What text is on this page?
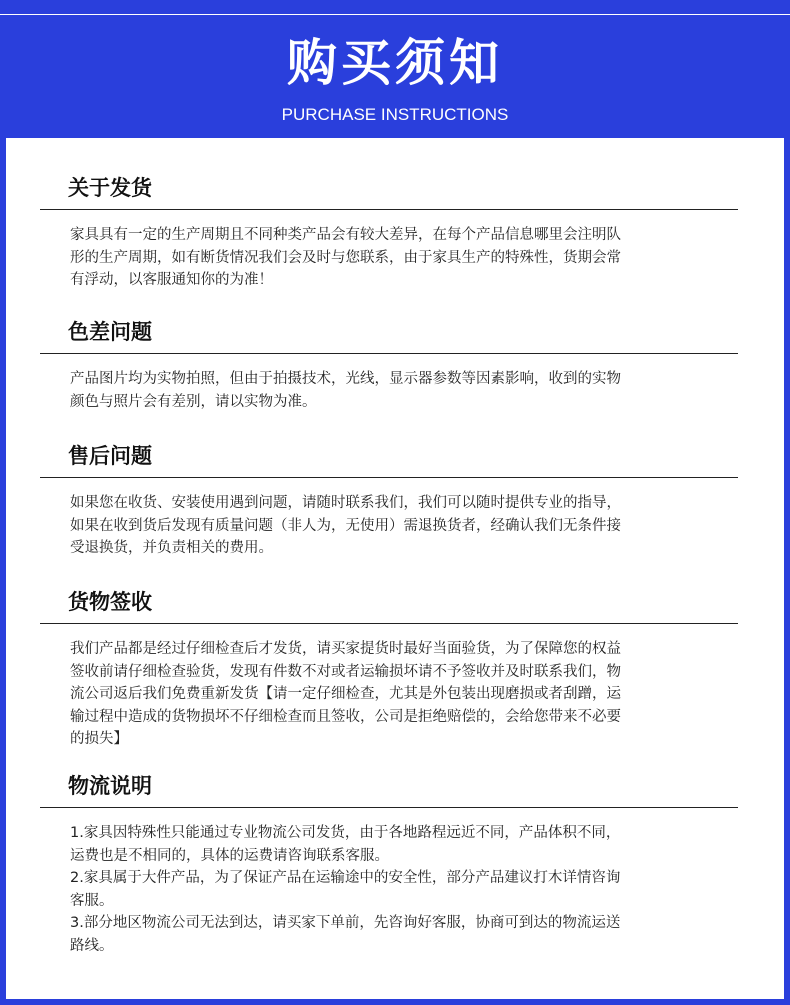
购买须知
PURCHASE INSTRUCTIONS
关于发货

家具具有一定的生产周期且不同种类产品会有较大差异，在每个产品信息哪里会注明队

形的生产周期，如有断货情况我们会及时与您联系，由于家具生产的特殊性，货期会常

有浮动，以客服通知你的为准！

色差问题

产品图片均为实物拍照，但由于拍摄技术，光线，显示器参数等因素影响，收到的实物

颜色与照片会有差别，请以实物为准。

售后问题

如果您在收货、安装使用遇到问题，请随时联系我们，我们可以随时提供专业的指导，

如果在收到货后发现有质量问题（非人为，无使用）需退换货者，经确认我们无条件接

受退换货，并负责相关的费用。

货物签收

我们产品都是经过仔细检查后才发货，请买家提货时最好当面验货，为了保障您的权益

签收前请仔细检查验货，发现有件数不对或者运输损坏请不予签收并及时联系我们，物

流公司返后我们免费重新发货【请一定仔细检查，尤其是外包装出现磨损或者刮蹭，运

输过程中造成的货物损坏不仔细检查而且签收，公司是拒绝赔偿的，会给您带来不必要

的损失】

物流说明

1.家具因特殊性只能通过专业物流公司发货，由于各地路程远近不同，产品体积不同，

运费也是不相同的，具体的运费请咨询联系客服。

2.家具属于大件产品，为了保证产品在运输途中的安全性，部分产品建议打木详情咨询

客服。

3.部分地区物流公司无法到达，请买家下单前，先咨询好客服，协商可到达的物流运送

路线。
